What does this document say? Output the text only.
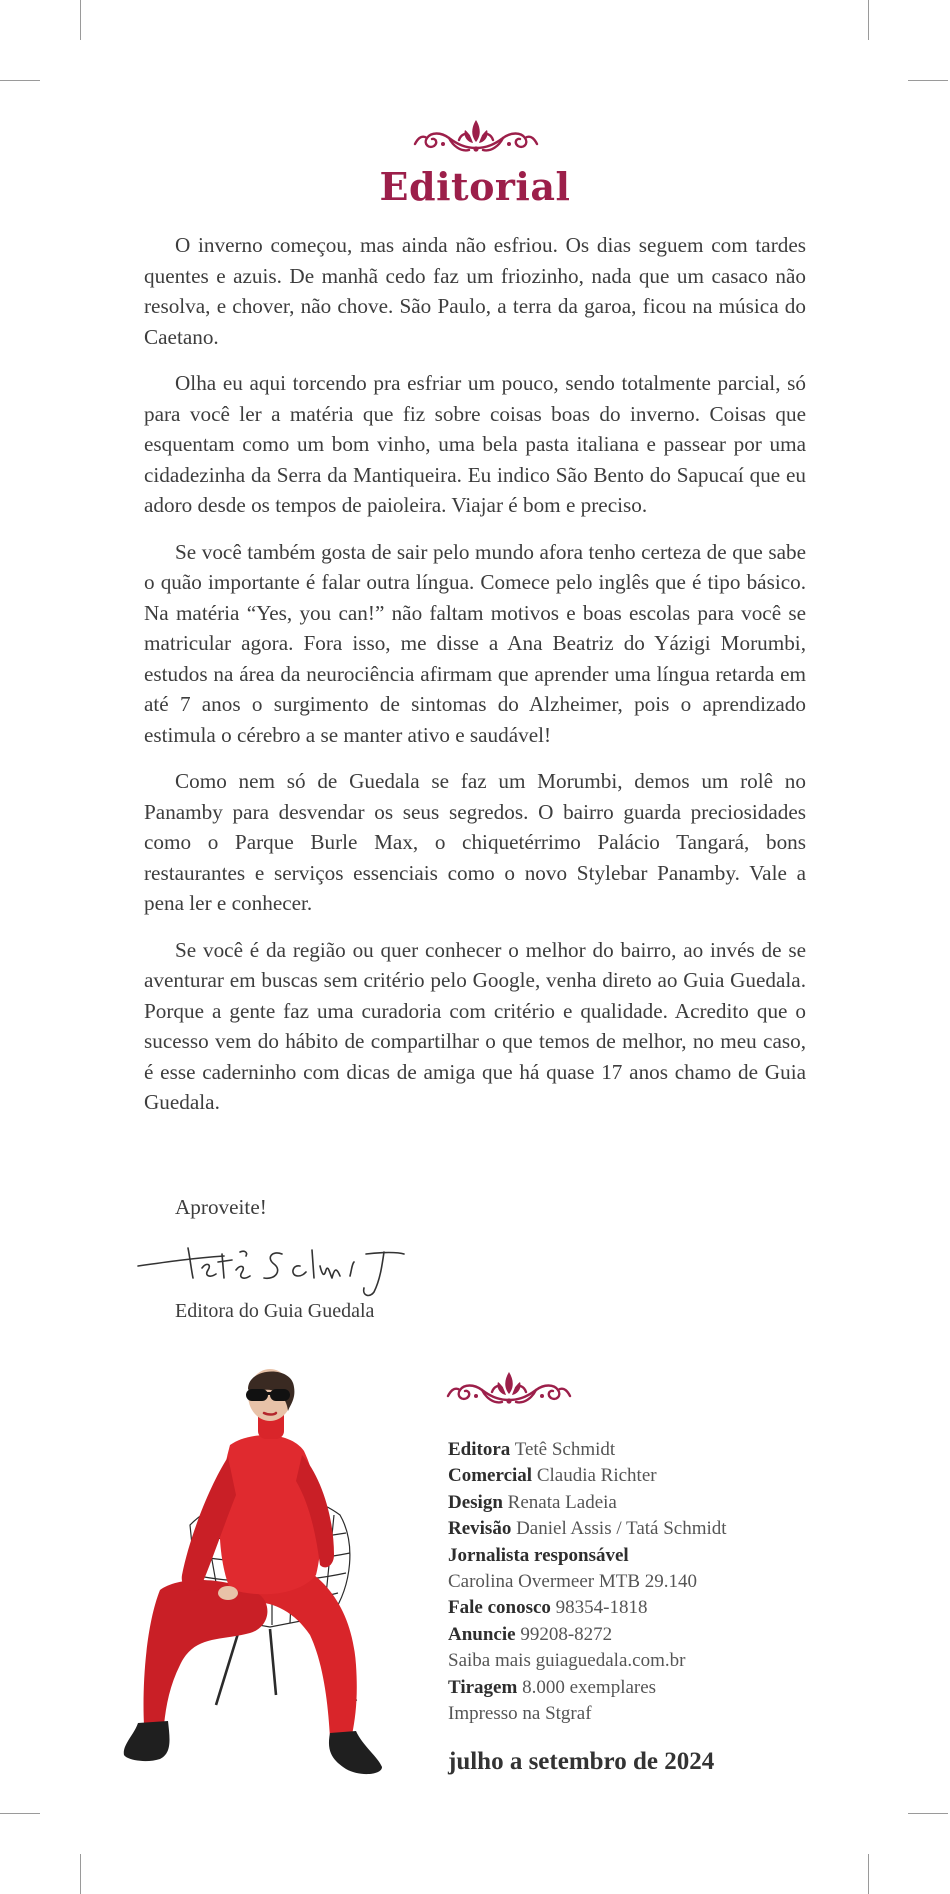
Editorial

O inverno começou, mas ainda não esfriou. Os dias seguem com tardes quentes e azuis. De manhã cedo faz um friozinho, nada que um casaco não resolva, e chover, não chove. São Paulo, a terra da garoa, ficou na música do Caetano.

Olha eu aqui torcendo pra esfriar um pouco, sendo totalmente parcial, só para você ler a matéria que fiz sobre coisas boas do inverno. Coisas que esquentam como um bom vinho, uma bela pasta italiana e passear por uma cidadezinha da Serra da Mantiqueira. Eu indico São Bento do Sapucaí que eu adoro desde os tempos de paioleira. Viajar é bom e preciso.

Se você também gosta de sair pelo mundo afora tenho certeza de que sabe o quão importante é falar outra língua. Comece pelo inglês que é tipo básico. Na matéria “Yes, you can!” não faltam motivos e boas escolas para você se matricular agora. Fora isso, me disse a Ana Beatriz do Yázigi Morumbi, estudos na área da neurociência afirmam que aprender uma língua retarda em até 7 anos o surgimento de sintomas do Alzheimer, pois o aprendizado estimula o cérebro a se manter ativo e saudável!

Como nem só de Guedala se faz um Morumbi, demos um rolê no Panamby para desvendar os seus segredos. O bairro guarda preciosidades como o Parque Burle Max, o chiquetérrimo Palácio Tangará, bons restaurantes e serviços essenciais como o novo Stylebar Panamby. Vale a pena ler e conhecer.

Se você é da região ou quer conhecer o melhor do bairro, ao invés de se aventurar em buscas sem critério pelo Google, venha direto ao Guia Guedala. Porque a gente faz uma curadoria com critério e qualidade. Acredito que o sucesso vem do hábito de compartilhar o que temos de melhor, no meu caso, é esse caderninho com dicas de amiga que há quase 17 anos chamo de Guia Guedala.

Aproveite!
Editora do Guia Guedala
Editora Tetê Schmidt
Comercial Claudia Richter
Design Renata Ladeia
Revisão Daniel Assis / Tatá Schmidt
Jornalista responsável
Carolina Overmeer MTB 29.140
Fale conosco 98354-1818
Anuncie 99208-8272
Saiba mais guiaguedala.com.br
Tiragem 8.000 exemplares
Impresso na Stgraf
julho a setembro de 2024
